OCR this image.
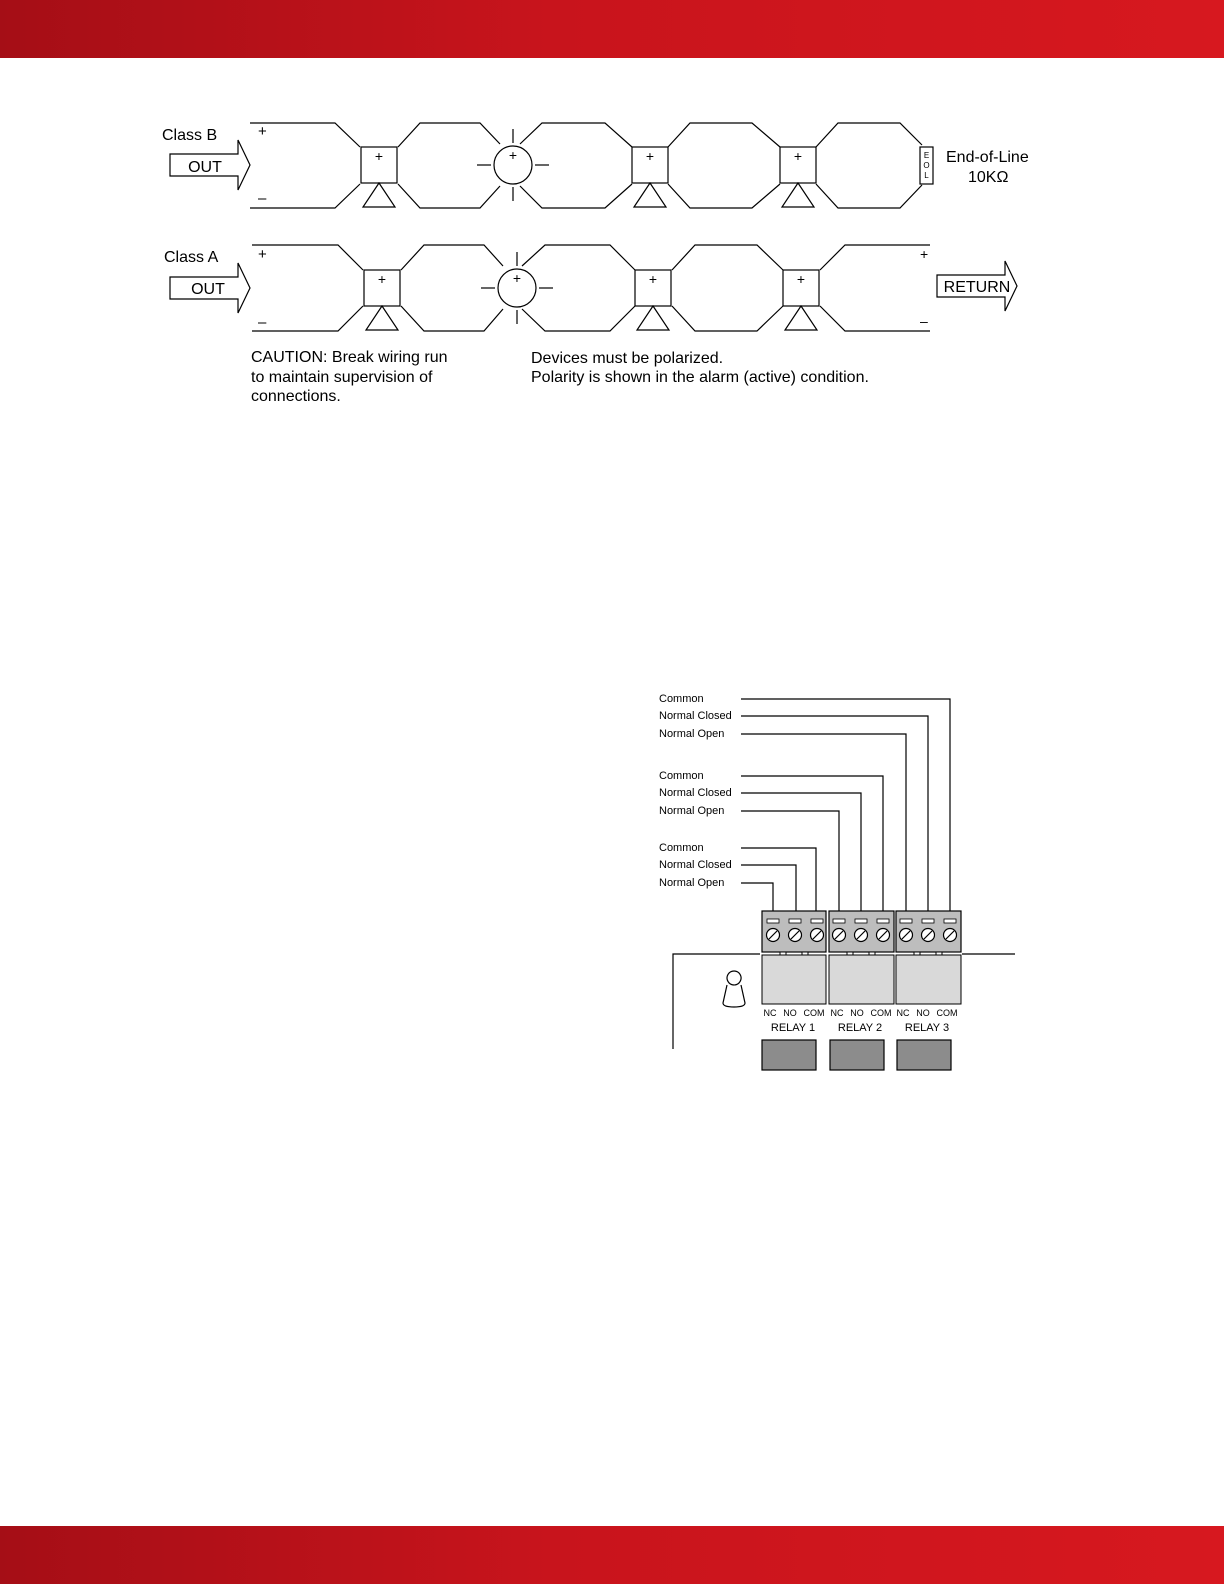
Class B
OUT
+
–
E
O
L
End-of-Line
10KΩ
Class A
OUT
+
–
+
–
RETURN
CAUTION: Break wiring run
to maintain supervision of
connections.
Devices must be polarized.
Polarity is shown in the alarm (active) condition.
Common
Normal Closed
Normal Open
Common
Normal Closed
Normal Open
Common
Normal Closed
Normal Open
NC NO COM
RELAY 1
NC NO COM
RELAY 2
NC NO COM
RELAY 3
